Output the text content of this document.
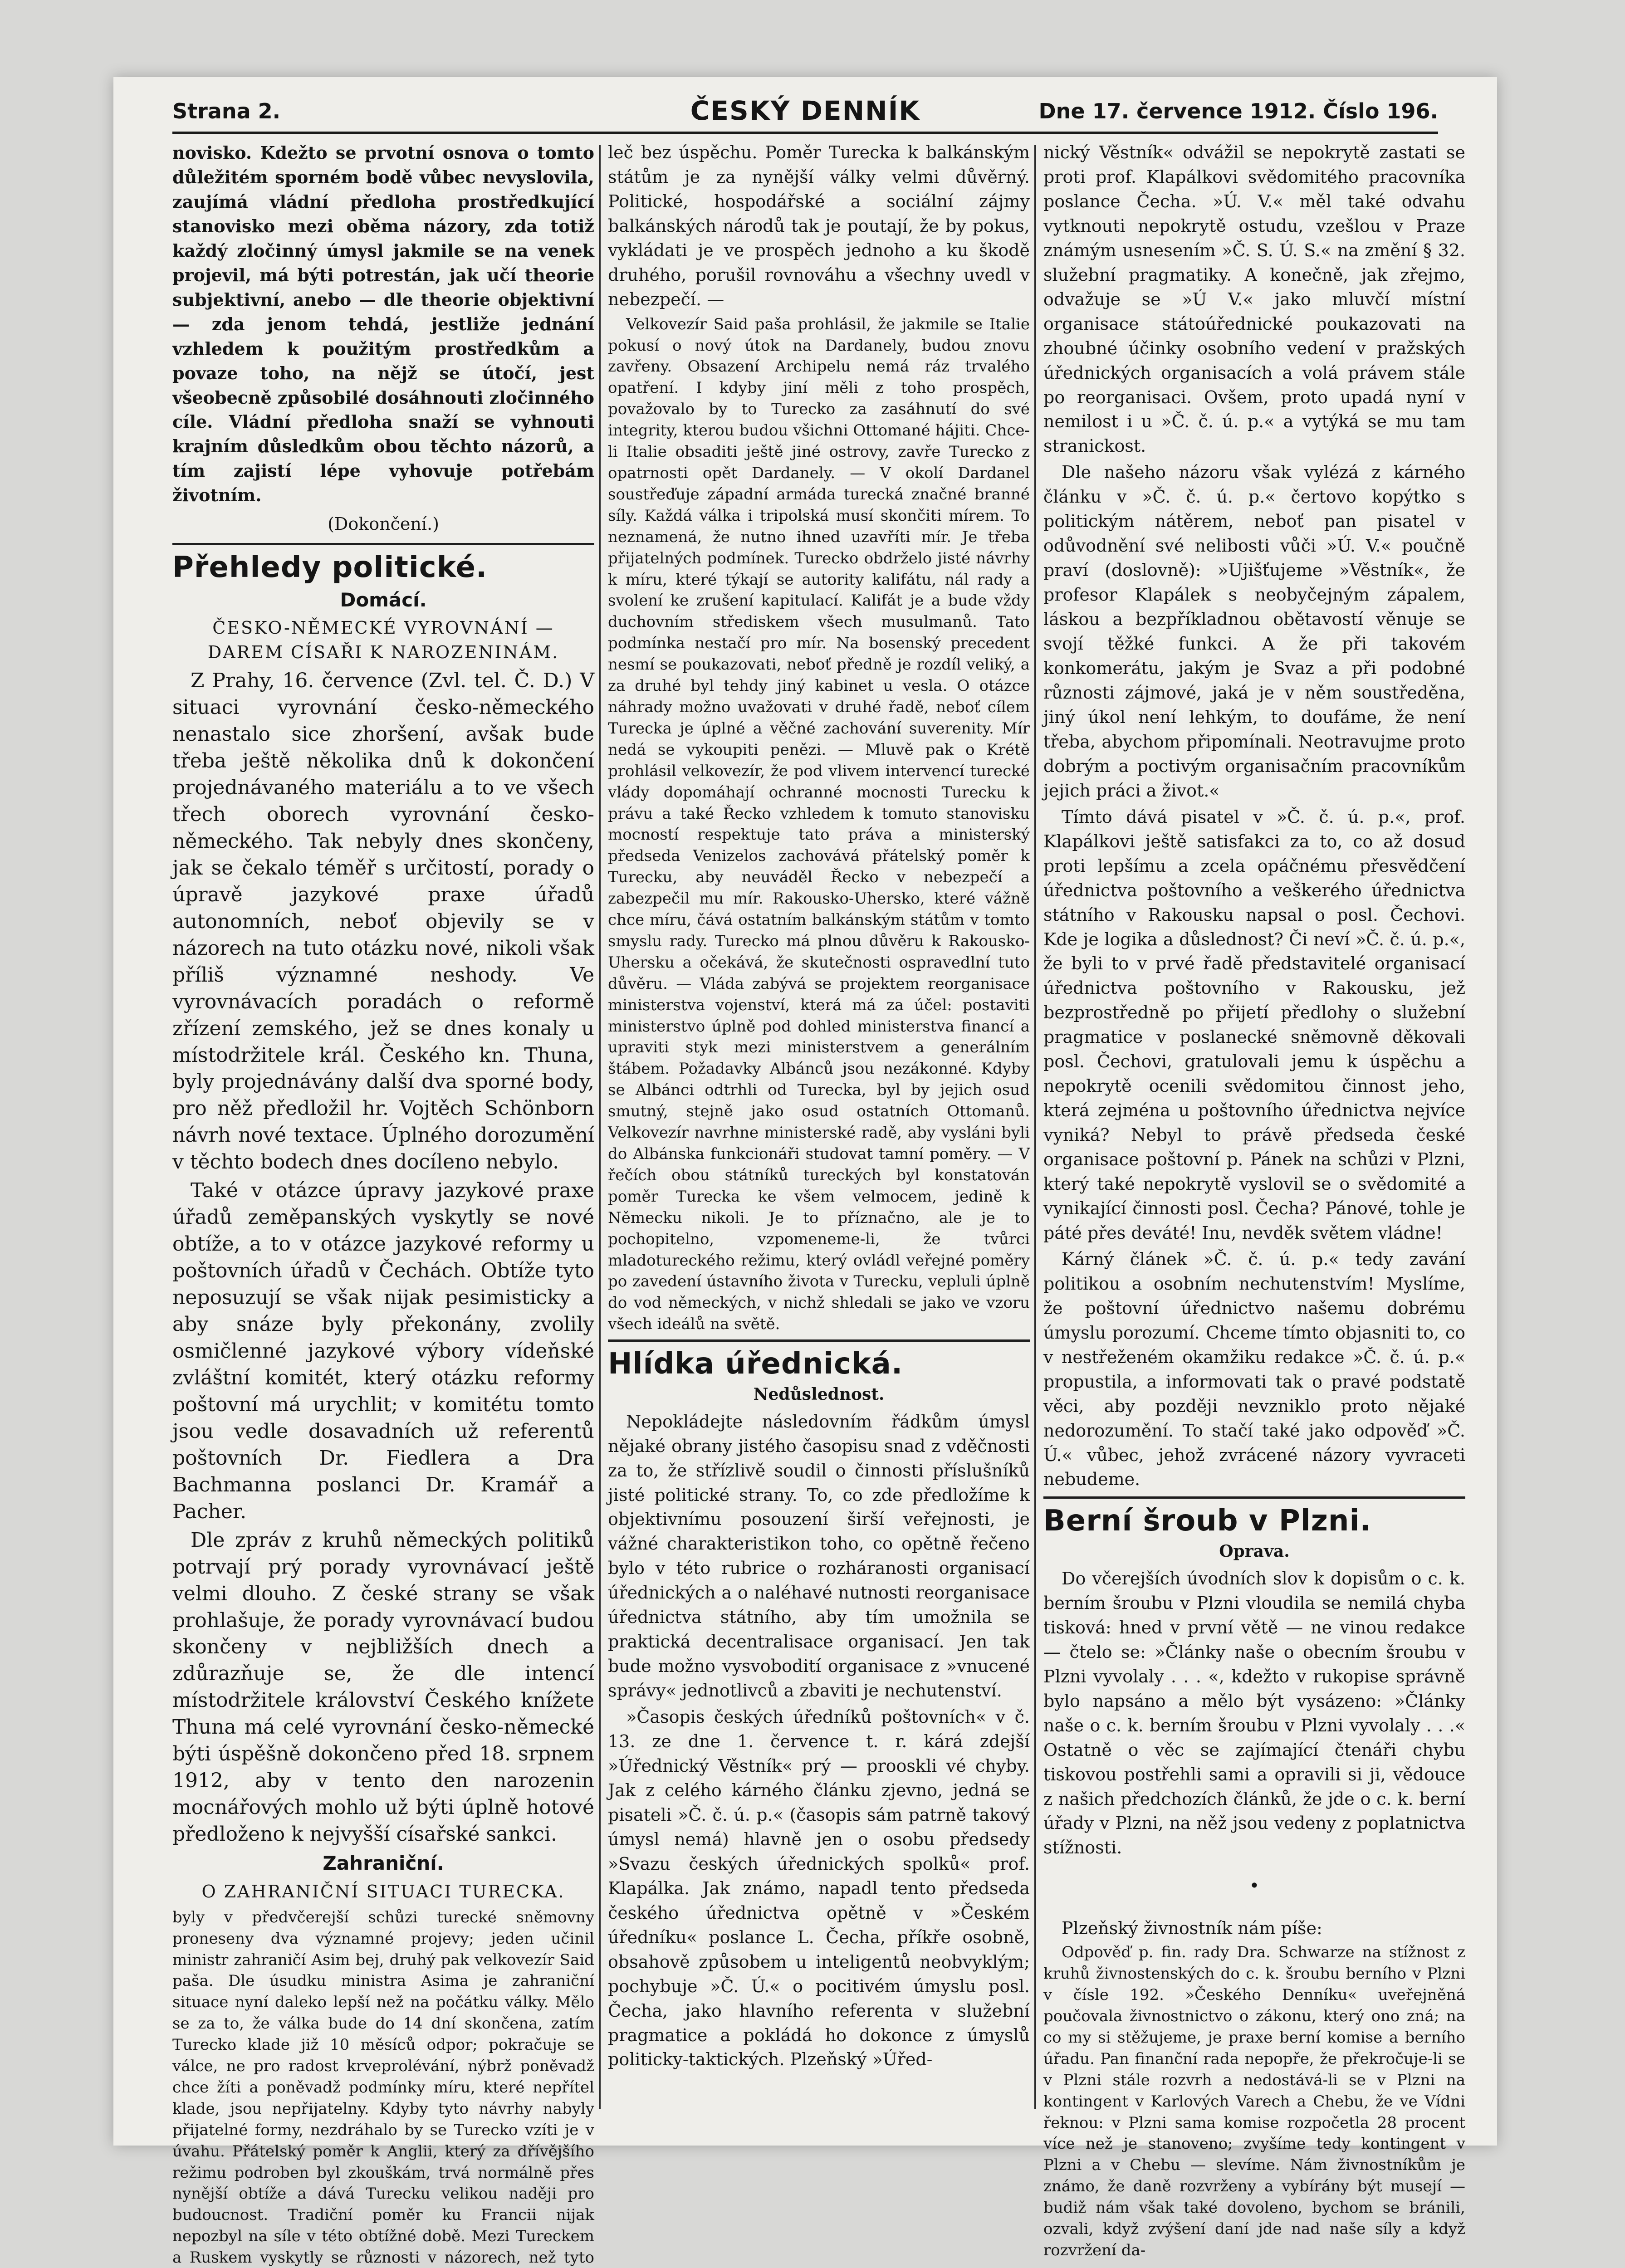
Strana 2.	ČESKÝ DENNÍK	Dne 17. července 1912. Číslo 196.

novisko. Kdežto se prvotní osnova o tomto důležitém sporném bodě vůbec nevyslovila, zaujímá vládní předloha prostředkující stanovisko mezi oběma názory, zda totiž každý zločinný úmysl jakmile se na venek projevil, má býti potrestán, jak učí theorie subjektivní, anebo — dle theorie objektivní — zda jenom tehdá, jestliže jednání vzhledem k použitým prostředkům a povaze toho, na nějž se útočí, jest všeobecně způsobilé dosáhnouti zločinného cíle. Vládní předloha snaží se vyhnouti krajním důsledkům obou těchto názorů, a tím zajistí lépe vyhovuje potřebám životním.

(Dokončení.)
Přehledy politické.
Domácí.
ČESKO-NĚMECKÉ VYROVNÁNÍ — DAREM CÍSAŘI K NAROZENINÁM.

Z Prahy, 16. července (Zvl. tel. Č. D.) V situaci vyrovnání česko-německého nenastalo sice zhoršení, avšak bude třeba ještě několika dnů k dokončení projednávaného materiálu a to ve všech třech oborech vyrovnání česko-německého. Tak nebyly dnes skončeny, jak se čekalo téměř s určitostí, porady o úpravě jazykové praxe úřadů autonomních, neboť objevily se v názorech na tuto otázku nové, nikoli však příliš významné neshody. Ve vyrovnávacích poradách o reformě zřízení zemského, jež se dnes konaly u místodržitele král. Českého kn. Thuna, byly projednávány další dva sporné body, pro něž předložil hr. Vojtěch Schönborn návrh nové textace. Úplného dorozumění v těchto bodech dnes docíleno nebylo.

Také v otázce úpravy jazykové praxe úřadů zeměpanských vyskytly se nové obtíže, a to v otázce jazykové reformy u poštovních úřadů v Čechách. Obtíže tyto neposuzují se však nijak pesimisticky a aby snáze byly překonány, zvolily osmičlenné jazykové výbory vídeňské zvláštní komitét, který otázku reformy poštovní má urychlit; v komitétu tomto jsou vedle dosavadních už referentů poštovních Dr. Fiedlera a Dra Bachmanna poslanci Dr. Kramář a Pacher.

Dle zpráv z kruhů německých politiků potrvají prý porady vyrovnávací ještě velmi dlouho. Z české strany se však prohlašuje, že porady vyrovnávací budou skončeny v nejbližších dnech a zdůrazňuje se, že dle intencí místodržitele království Českého knížete Thuna má celé vyrovnání česko-německé býti úspěšně dokončeno před 18. srpnem 1912, aby v tento den narozenin mocnářových mohlo už býti úplně hotové předloženo k nejvyšší císařské sankci.

Zahraniční.
O ZAHRANIČNÍ SITUACI TURECKA.

byly v předvčerejší schůzi turecké sněmovny proneseny dva významné projevy; jeden učinil ministr zahraničí Asim bej, druhý pak velkovezír Said paša. Dle úsudku ministra Asima je zahraniční situace nyní daleko lepší než na počátku války. Mělo se za to, že válka bude do 14 dní skončena, zatím Turecko klade již 10 měsíců odpor; pokračuje se válce, ne pro radost krveprolévání, nýbrž poněvadž chce žíti a poněvadž podmínky míru, které nepřítel klade, jsou nepřijatelny. Kdyby tyto návrhy nabyly přijatelné formy, nezdráhalo by se Turecko vzíti je v úvahu. Přátelský poměr k Anglii, který za dřívějšího režimu podroben byl zkouškám, trvá normálně přes nynější obtíže a dává Turecku velikou naději pro budoucnost. Tradiční poměr ku Francii nijak nepozbyl na síle v této obtížné době. Mezi Tureckem a Ruskem vyskytly se různosti v názorech, než tyto

leč bez úspěchu. Poměr Turecka k balkánským státům je za nynější války velmi důvěrný. Politické, hospodářské a sociální zájmy balkánských národů tak je poutají, že by pokus, vykládati je ve prospěch jednoho a ku škodě druhého, porušil rovnováhu a všechny uvedl v nebezpečí. —

Velkovezír Said paša prohlásil, že jakmile se Italie pokusí o nový útok na Dardanely, budou znovu zavřeny. Obsazení Archipelu nemá ráz trvalého opatření. I kdyby jiní měli z toho prospěch, považovalo by to Turecko za zasáhnutí do své integrity, kterou budou všichni Ottomané hájiti. Chce-li Italie obsaditi ještě jiné ostrovy, zavře Turecko z opatrnosti opět Dardanely. — V okolí Dardanel soustřeďuje západní armáda turecká značné branné síly. Každá válka i tripolská musí skončiti mírem. To neznamená, že nutno ihned uzavříti mír. Je třeba přijatelných podmínek. Turecko obdrželo jisté návrhy k míru, které týkají se autority kalifátu, nál rady a svolení ke zrušení kapitulací. Kalifát je a bude vždy duchovním střediskem všech musulmanů. Tato podmínka nestačí pro mír. Na bosenský precedent nesmí se poukazovati, neboť předně je rozdíl veliký, a za druhé byl tehdy jiný kabinet u vesla. O otázce náhrady možno uvažovati v druhé řadě, neboť cílem Turecka je úplné a věčné zachování suverenity. Mír nedá se vykoupiti penězi. — Mluvě pak o Krétě prohlásil velkovezír, že pod vlivem intervencí turecké vlády dopomáhají ochranné mocnosti Turecku k právu a také Řecko vzhledem k tomuto stanovisku mocností respektuje tato práva a ministerský předseda Venizelos zachovává přátelský poměr k Turecku, aby neuváděl Řecko v nebezpečí a zabezpečil mu mír. Rakousko-Uhersko, které vážně chce míru, čává ostatním balkánským státům v tomto smyslu rady. Turecko má plnou důvěru k Rakousko-Uhersku a očekává, že skutečnosti ospravedlní tuto důvěru. — Vláda zabývá se projektem reorganisace ministerstva vojenství, která má za účel: postaviti ministerstvo úplně pod dohled ministerstva financí a upraviti styk mezi ministerstvem a generálním štábem. Požadavky Albánců jsou nezákonné. Kdyby se Albánci odtrhli od Turecka, byl by jejich osud smutný, stejně jako osud ostatních Ottomanů. Velkovezír navrhne ministerské radě, aby vysláni byli do Albánska funkcionáři studovat tamní poměry. — V řečích obou státníků tureckých byl konstatován poměr Turecka ke všem velmocem, jedině k Německu nikoli. Je to příznačno, ale je to pochopitelno, vzpomeneme-li, že tvůrci mladotureckého režimu, který ovládl veřejné poměry po zavedení ústavního života v Turecku, vepluli úplně do vod německých, v nichž shledali se jako ve vzoru všech ideálů na světě.

Hlídka úřednická.
Nedůslednost.

Nepokládejte následovním řádkům úmysl nějaké obrany jistého časopisu snad z vděčnosti za to, že střízlivě soudil o činnosti příslušníků jisté politické strany. To, co zde předložíme k objektivnímu posouzení širší veřejnosti, je vážné charakteristikon toho, co opětně řečeno bylo v této rubrice o rozháranosti organisací úřednických a o naléhavé nutnosti reorganisace úřednictva státního, aby tím umožnila se praktická decentralisace organisací. Jen tak bude možno vysvobodití organisace z »vnucené správy« jednotlivců a zbaviti je nechutenství.

»Časopis českých úředníků poštovních« v č. 13. ze dne 1. července t. r. kárá zdejší »Úřednický Věstník« prý — prooskli vé chyby. Jak z celého kárného článku zjevno, jedná se pisateli »Č. č. ú. p.« (časopis sám patrně takový úmysl nemá) hlavně jen o osobu předsedy »Svazu českých úřednických spolků« prof. Klapálka. Jak známo, napadl tento předseda českého úřednictva opětně v »Českém úředníku« poslance L. Čecha, příkře osobně, obsahově způsobem u inteligentů neobvyklým; pochybuje »Č. Ú.« o pocitivém úmyslu posl. Čecha, jako hlavního referenta v služební pragmatice a pokládá ho dokonce z úmyslů politicky-taktických. Plzeňský »Úřed-

nický Věstník« odvážil se nepokrytě zastati se proti prof. Klapálkovi svědomitého pracovníka poslance Čecha. »Ú. V.« měl také odvahu vytknouti nepokrytě ostudu, vzešlou v Praze známým usnesením »Č. S. Ú. S.« na změní § 32. služební pragmatiky. A konečně, jak zřejmo, odvažuje se »Ú V.« jako mluvčí místní organisace státoúřednické poukazovati na zhoubné účinky osobního vedení v pražských úřednických organisacích a volá právem stále po reorganisaci. Ovšem, proto upadá nyní v nemilost i u »Č. č. ú. p.« a vytýká se mu tam stranickost.

Dle našeho názoru však vylézá z kárného článku v »Č. č. ú. p.« čertovo kopýtko s politickým nátěrem, neboť pan pisatel v odůvodnění své nelibosti vůči »Ú. V.« poučně praví (doslovně): »Ujišťujeme »Věstník«, že profesor Klapálek s neobyčejným zápalem, láskou a bezpříkladnou obětavostí věnuje se svojí těžké funkci. A že při takovém konkomerátu, jakým je Svaz a při podobné různosti zájmové, jaká je v něm soustředěna, jiný úkol není lehkým, to doufáme, že není třeba, abychom připomínali. Neotravujme proto dobrým a poctivým organisačním pracovníkům jejich práci a život.«

Tímto dává pisatel v »Č. č. ú. p.«, prof. Klapálkovi ještě satisfakci za to, co až dosud proti lepšímu a zcela opáčnému přesvědčení úřednictva poštovního a veškerého úřednictva státního v Rakousku napsal o posl. Čechovi. Kde je logika a důslednost? Či neví »Č. č. ú. p.«, že byli to v prvé řadě představitelé organisací úřednictva poštovního v Rakousku, jež bezprostředně po přijetí předlohy o služební pragmatice v poslanecké sněmovně děkovali posl. Čechovi, gratulovali jemu k úspěchu a nepokrytě ocenili svědomitou činnost jeho, která zejména u poštovního úřednictva nejvíce vyniká? Nebyl to právě předseda české organisace poštovní p. Pánek na schůzi v Plzni, který také nepokrytě vyslovil se o svědomité a vynikající činnosti posl. Čecha? Pánové, tohle je páté přes deváté! Inu, nevděk světem vládne!

Kárný článek »Č. č. ú. p.« tedy zavání politikou a osobním nechutenstvím! Myslíme, že poštovní úřednictvo našemu dobrému úmyslu porozumí. Chceme tímto objasniti to, co v nestřeženém okamžiku redakce »Č. č. ú. p.« propustila, a informovati tak o pravé podstatě věci, aby později nevzniklo proto nějaké nedorozumění. To stačí také jako odpověď »Č. Ú.« vůbec, jehož zvrácené názory vyvraceti nebudeme.

Berní šroub v Plzni.
Oprava.

Do včerejších úvodních slov k dopisům o c. k. berním šroubu v Plzni vloudila se nemilá chyba tisková: hned v první větě — ne vinou redakce — čtelo se: »Články naše o obecním šroubu v Plzni vyvolaly . . . «, kdežto v rukopise správně bylo napsáno a mělo být vysázeno: »Články naše o c. k. berním šroubu v Plzni vyvolaly . . .« Ostatně o věc se zajímající čtenáři chybu tiskovou postřehli sami a opravili si ji, vědouce z našich předchozích článků, že jde o c. k. berní úřady v Plzni, na něž jsou vedeny z poplatnictva stížnosti.

•

Plzeňský živnostník nám píše:

Odpověď p. fin. rady Dra. Schwarze na stížnost z kruhů živnostenských do c. k. šroubu berního v Plzni v čísle 192. »Českého Denníku« uveřejněná poučovala živnostnictvo o zákonu, který ono zná; na co my si stěžujeme, je praxe berní komise a berního úřadu. Pan finanční rada nepopře, že překročuje-li se v Plzni stále rozvrh a nedostává-li se v Plzni na kontingent v Karlových Varech a Chebu, že ve Vídni řeknou: v Plzni sama komise rozpočetla 28 procent více než je stanoveno; zvyšíme tedy kontingent v Plzni a v Chebu — slevíme. Nám živnostníkům je známo, že daně rozvrženy a vybírány být musejí — budiž nám však také dovoleno, bychom se bránili, ozvali, když zvýšení daní jde nad naše síly a když rozvržení da-
